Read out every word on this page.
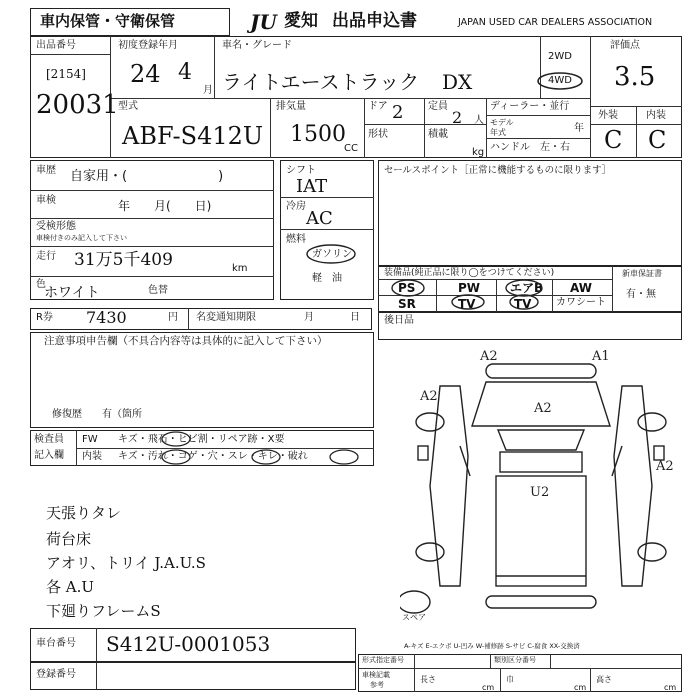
車内保管・守衛保管	JU 愛知 出品申込書	JAPAN USED CAR DEALERS ASSOCIATION
出品番号
[2154]
20031
初度登録年月
24 4
月
車名・グレード
ライトエーストラック DX
2WD
4WD
評価点
3.5
外装	内装
C C
型式
ABF-S412U
排気量
1500
CC
ドア 2
形状
定員
2 人
積載
kg
ディーラー・並行
モデル
年式	年
ハンドル　左・右
車歴 自家用・(　　　　　　　)
車検	年　　月(　　日)
受検形態
車検付きのみ記入して下さい
走行 31万5千409	km
色
ホワイト	色替
R券 7430	円 名変通知期限	月	日
シフト
IAT
冷房
AC
燃料
ガソリン
軽　油
セールスポイント［正常に機能するものに限ります］
装備品(純正品に限り◯をつけてください)
PS	PW エアB AW
SR	TV	TV カワシート
新車保証書
有・無
後日品
注意事項申告欄（不具合内容等は具体的に記入して下さい）
修復歴　　有（箇所
検査員
記入欄
FW キズ・飛石・ヒビ割・リペア跡・X要
内装 キズ・汚れ・コゲ・穴・スレ・キレ・破れ
天張りタレ
荷台床
アオリ、トリイ J.A.U.S
各 A.U
下廻りフレームS
A2	A1
A2
A2
A2
U2
スペア
A-キズ E-エクボ U-凹み W-補修跡 S-サビ C-腐食 XX-交換済
車台番号 S412U-0001053
登録番号
形式指定番号	類別区分番号
車検記載
参考
長さ
cm
巾
cm
高さ
cm
